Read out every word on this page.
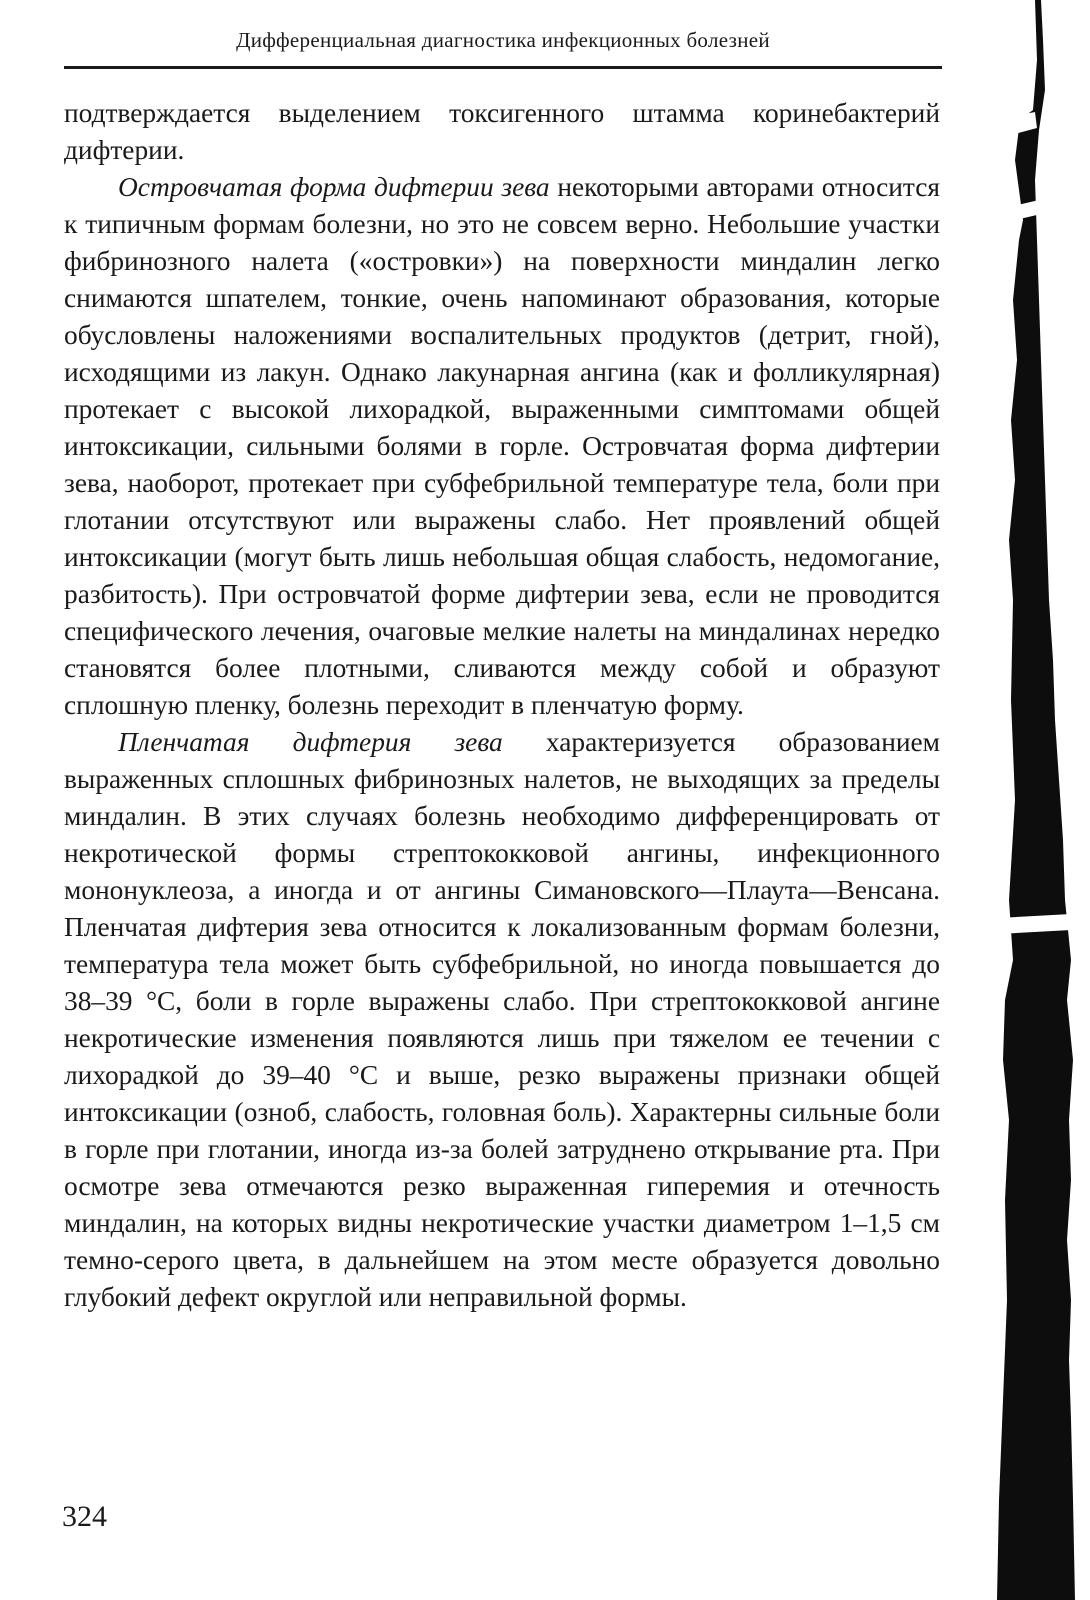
Дифференциальная диагностика инфекционных болезней

подтверждается выделением токсигенного штамма коринебактерий дифтерии.

Островчатая форма дифтерии зева некоторыми авторами относится к типичным формам болезни, но это не совсем верно. Небольшие участки фибринозного налета («островки») на поверхности миндалин легко снимаются шпателем, тонкие, очень напоминают образования, которые обусловлены наложениями воспалительных продуктов (детрит, гной), исходящими из лакун. Однако лакунарная ангина (как и фолликулярная) протекает с высокой лихорадкой, выраженными симптомами общей интоксикации, сильными болями в горле. Островчатая форма дифтерии зева, наоборот, протекает при субфебрильной температуре тела, боли при глотании отсутствуют или выражены слабо. Нет проявлений общей интоксикации (могут быть лишь небольшая общая слабость, недомогание, разбитость). При островчатой форме дифтерии зева, если не проводится специфического лечения, очаговые мелкие налеты на миндалинах нередко становятся более плотными, сливаются между собой и образуют сплошную пленку, болезнь переходит в пленчатую форму.

Пленчатая дифтерия зева характеризуется образованием выраженных сплошных фибринозных налетов, не выходящих за пределы миндалин. В этих случаях болезнь необходимо дифференцировать от некротической формы стрептококковой ангины, инфекционного мононуклеоза, а иногда и от ангины Симановского—Плаута—Венсана. Пленчатая дифтерия зева относится к локализованным формам болезни, температура тела может быть субфебрильной, но иногда повышается до 38–39 °С, боли в горле выражены слабо. При стрептококковой ангине некротические изменения появляются лишь при тяжелом ее течении с лихорадкой до 39–40 °С и выше, резко выражены признаки общей интоксикации (озноб, слабость, головная боль). Характерны сильные боли в горле при глотании, иногда из-за болей затруднено открывание рта. При осмотре зева отмечаются резко выраженная гиперемия и отечность миндалин, на которых видны некротические участки диаметром 1–1,5 см темно-серого цвета, в дальнейшем на этом месте образуется довольно глубокий дефект округлой или неправильной формы.

324
